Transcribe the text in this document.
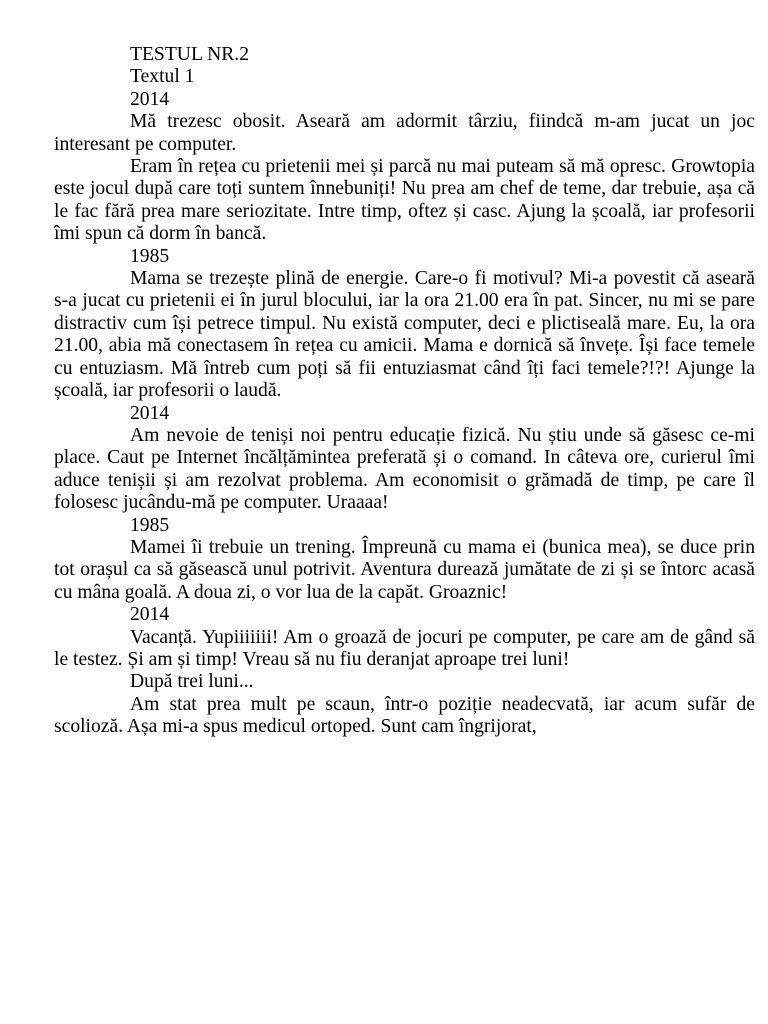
TESTUL NR.2
Textul 1
2014

Mă trezesc obosit. Aseară am adormit târziu, fiindcă m-am jucat un joc interesant pe computer.

Eram în rețea cu prietenii mei și parcă nu mai puteam să mă opresc. Growtopia este jocul după care toți suntem înnebuniți! Nu prea am chef de teme, dar trebuie, așa că le fac fără prea mare seriozitate. Intre timp, oftez și casc. Ajung la școală, iar profesorii îmi spun că dorm în bancă.

1985

Mama se trezește plină de energie. Care-o fi motivul? Mi-a povestit că aseară s-a jucat cu prietenii ei în jurul blocului, iar la ora 21.00 era în pat. Sincer, nu mi se pare distractiv cum își petrece timpul. Nu există computer, deci e plictiseală mare. Eu, la ora 21.00, abia mă conectasem în rețea cu amicii. Mama e dornică să învețe. Își face temele cu entuziasm. Mă întreb cum poți să fii entuziasmat când îți faci temele?!?! Ajunge la școală, iar profesorii o laudă.

2014

Am nevoie de teniși noi pentru educație fizică. Nu știu unde să găsesc ce-mi place. Caut pe Internet încălțămintea preferată și o comand. In câteva ore, curierul îmi aduce tenișii și am rezolvat problema. Am economisit o grămadă de timp, pe care îl folosesc jucându-mă pe computer. Uraaaa!

1985

Mamei îi trebuie un trening. Împreună cu mama ei (bunica mea), se duce prin tot orașul ca să găsească unul potrivit. Aventura durează jumătate de zi și se întorc acasă cu mâna goală. A doua zi, o vor lua de la capăt. Groaznic!

2014

Vacanță. Yupiiiiiii! Am o groază de jocuri pe computer, pe care am de gând să le testez. Și am și timp! Vreau să nu fiu deranjat aproape trei luni!

După trei luni...

Am stat prea mult pe scaun, într-o poziție neadecvată, iar acum sufăr de scolioză. Așa mi-a spus medicul ortoped. Sunt cam îngrijorat,
